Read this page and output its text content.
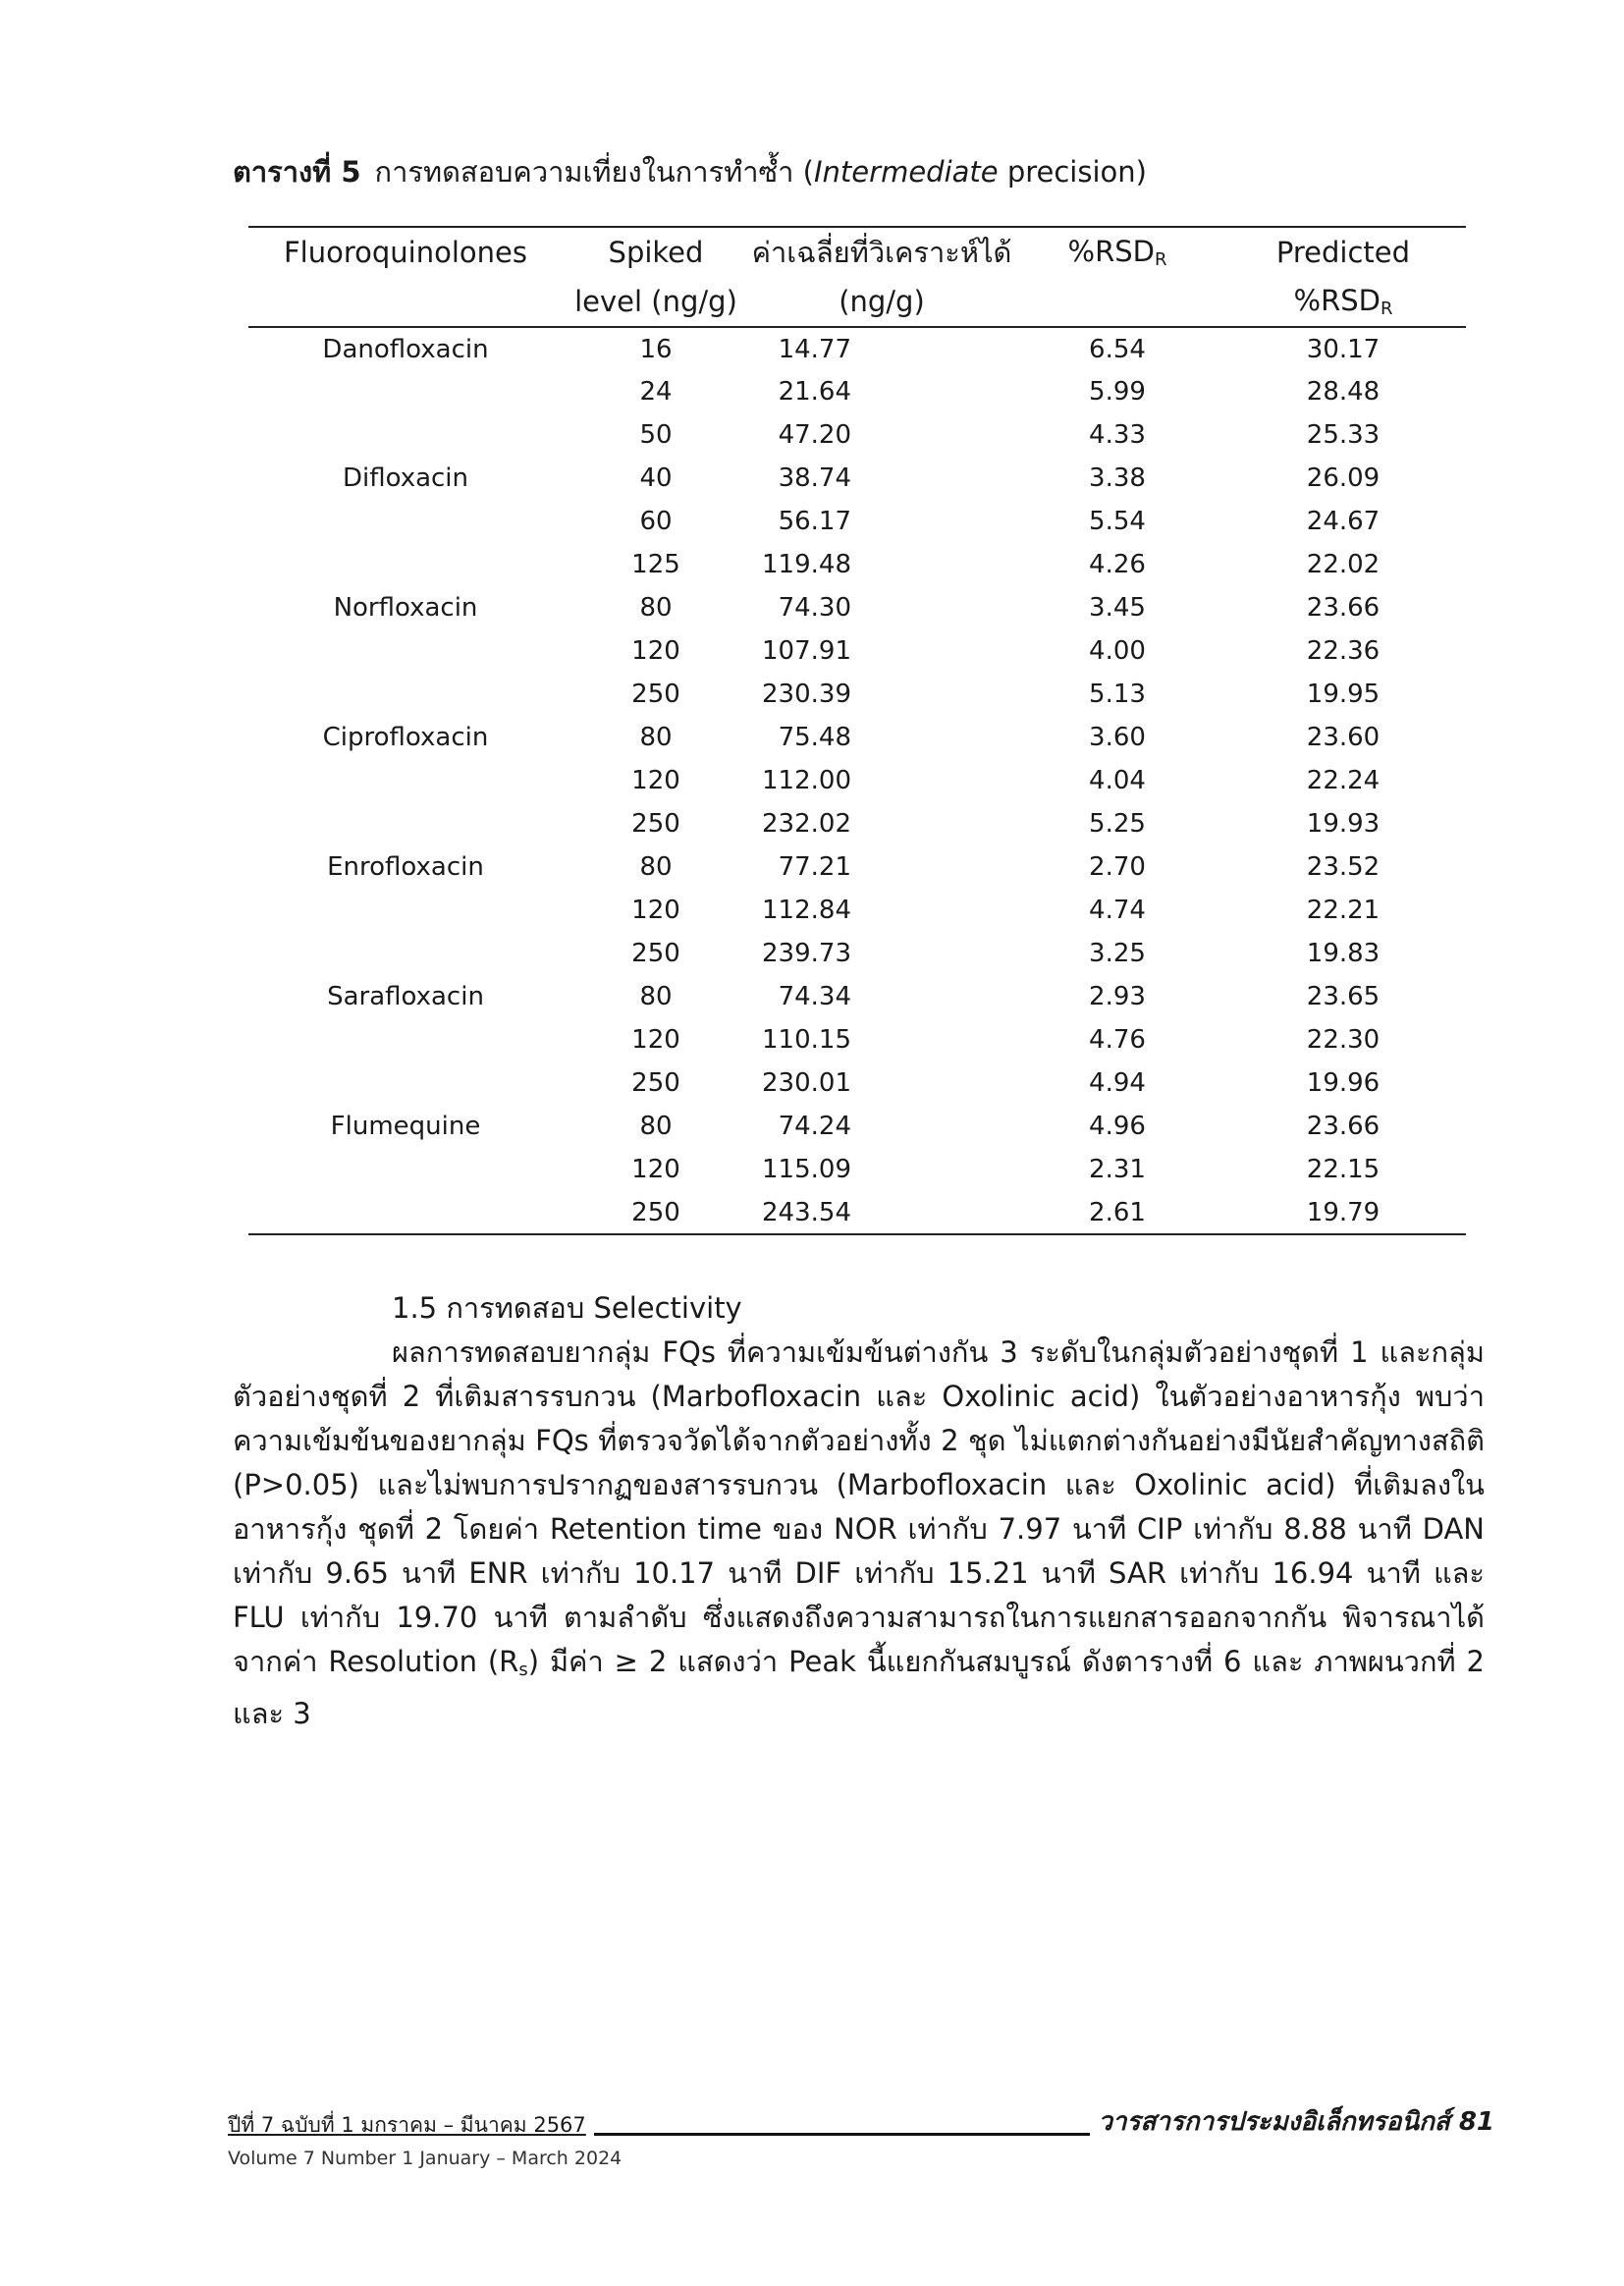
ตารางที่ 5 การทดสอบความเที่ยงในการทำซ้ำ (Intermediate precision)
Fluoroquinolones	Spiked	ค่าเฉลี่ยที่วิเคราะห์ได้	$\%RSD_R$	Predicted
	level (ng/g)	(ng/g)		$\%RSD_R$
Danofloxacin	16	14.77	6.54	30.17
	24	21.64	5.99	28.48
	50	47.20	4.33	25.33
Difloxacin	40	38.74	3.38	26.09
	60	56.17	5.54	24.67
	125	119.48	4.26	22.02
Norfloxacin	80	74.30	3.45	23.66
	120	107.91	4.00	22.36
	250	230.39	5.13	19.95
Ciprofloxacin	80	75.48	3.60	23.60
	120	112.00	4.04	22.24
	250	232.02	5.25	19.93
Enrofloxacin	80	77.21	2.70	23.52
	120	112.84	4.74	22.21
	250	239.73	3.25	19.83
Sarafloxacin	80	74.34	2.93	23.65
	120	110.15	4.76	22.30
	250	230.01	4.94	19.96
Flumequine	80	74.24	4.96	23.66
	120	115.09	2.31	22.15
	250	243.54	2.61	19.79
1.5 การทดสอบ Selectivity
ผลการทดสอบยากลุ่ม FQs ที่ความเข้มข้นต่างกัน 3 ระดับในกลุ่มตัวอย่างชุดที่ 1 และกลุ่มตัวอย่างชุดที่ 2 ที่เติมสารรบกวน (Marbofloxacin และ Oxolinic acid) ในตัวอย่างอาหารกุ้ง พบว่า ความเข้มข้นของยากลุ่ม FQs ที่ตรวจวัดได้จากตัวอย่างทั้ง 2 ชุด ไม่แตกต่างกันอย่างมีนัยสำคัญทางสถิติ (P>0.05) และไม่พบการปรากฏของสารรบกวน (Marbofloxacin และ Oxolinic acid) ที่เติมลงในอาหารกุ้ง ชุดที่ 2 โดยค่า Retention time ของ NOR เท่ากับ 7.97 นาที CIP เท่ากับ 8.88 นาที DAN เท่ากับ 9.65 นาที ENR เท่ากับ 10.17 นาที DIF เท่ากับ 15.21 นาที SAR เท่ากับ 16.94 นาที และ FLU เท่ากับ 19.70 นาที ตามลำดับ ซึ่งแสดงถึงความสามารถในการแยกสารออกจากกัน พิจารณาได้จากค่า Resolution $(R_s)$ มีค่า ≥ 2 แสดงว่า Peak นี้แยกกันสมบูรณ์ ดังตารางที่ 6 และ ภาพผนวกที่ 2 และ 3
ปีที่ 7 ฉบับที่ 1 มกราคม – มีนาคม 2567	วารสารการประมงอิเล็กทรอนิกส์ 81
Volume 7 Number 1 January – March 2024
